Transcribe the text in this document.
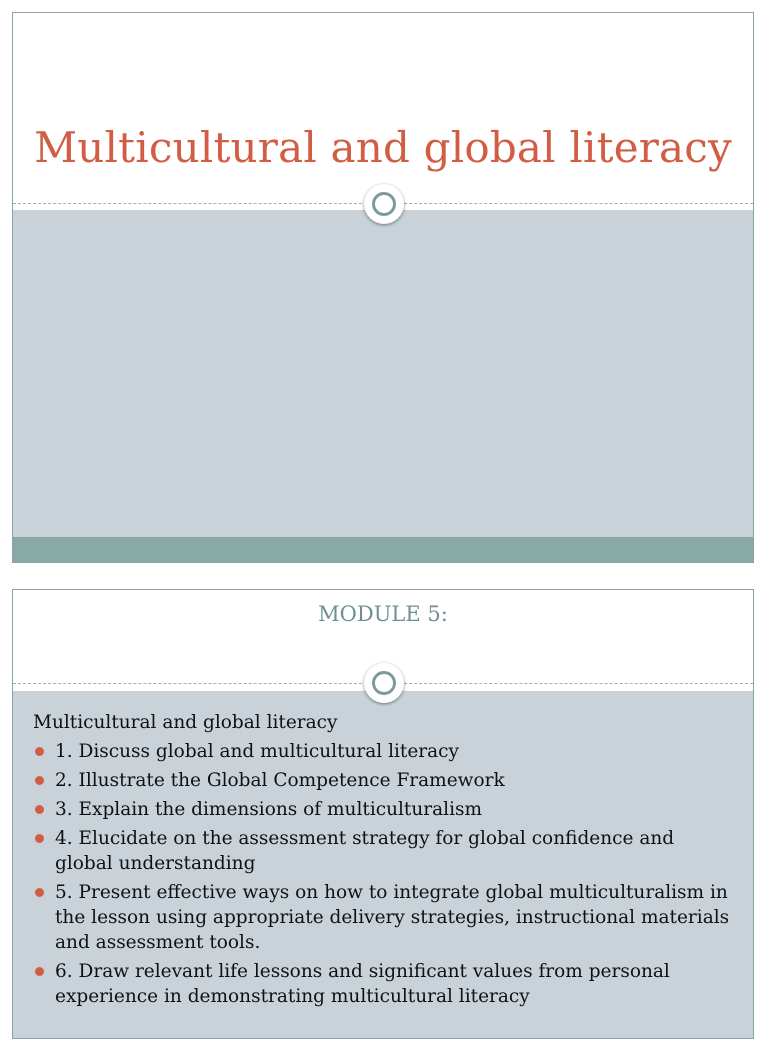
Multicultural and global literacy
MODULE 5:

Multicultural and global literacy

1. Discuss global and multicultural literacy
2. Illustrate the Global Competence Framework
3. Explain the dimensions of multiculturalism
4. Elucidate on the assessment strategy for global confidence and global understanding
5. Present effective ways on how to integrate global multiculturalism in the lesson using appropriate delivery strategies, instructional materials and assessment tools.
6. Draw relevant life lessons and significant values from personal experience in demonstrating multicultural literacy
